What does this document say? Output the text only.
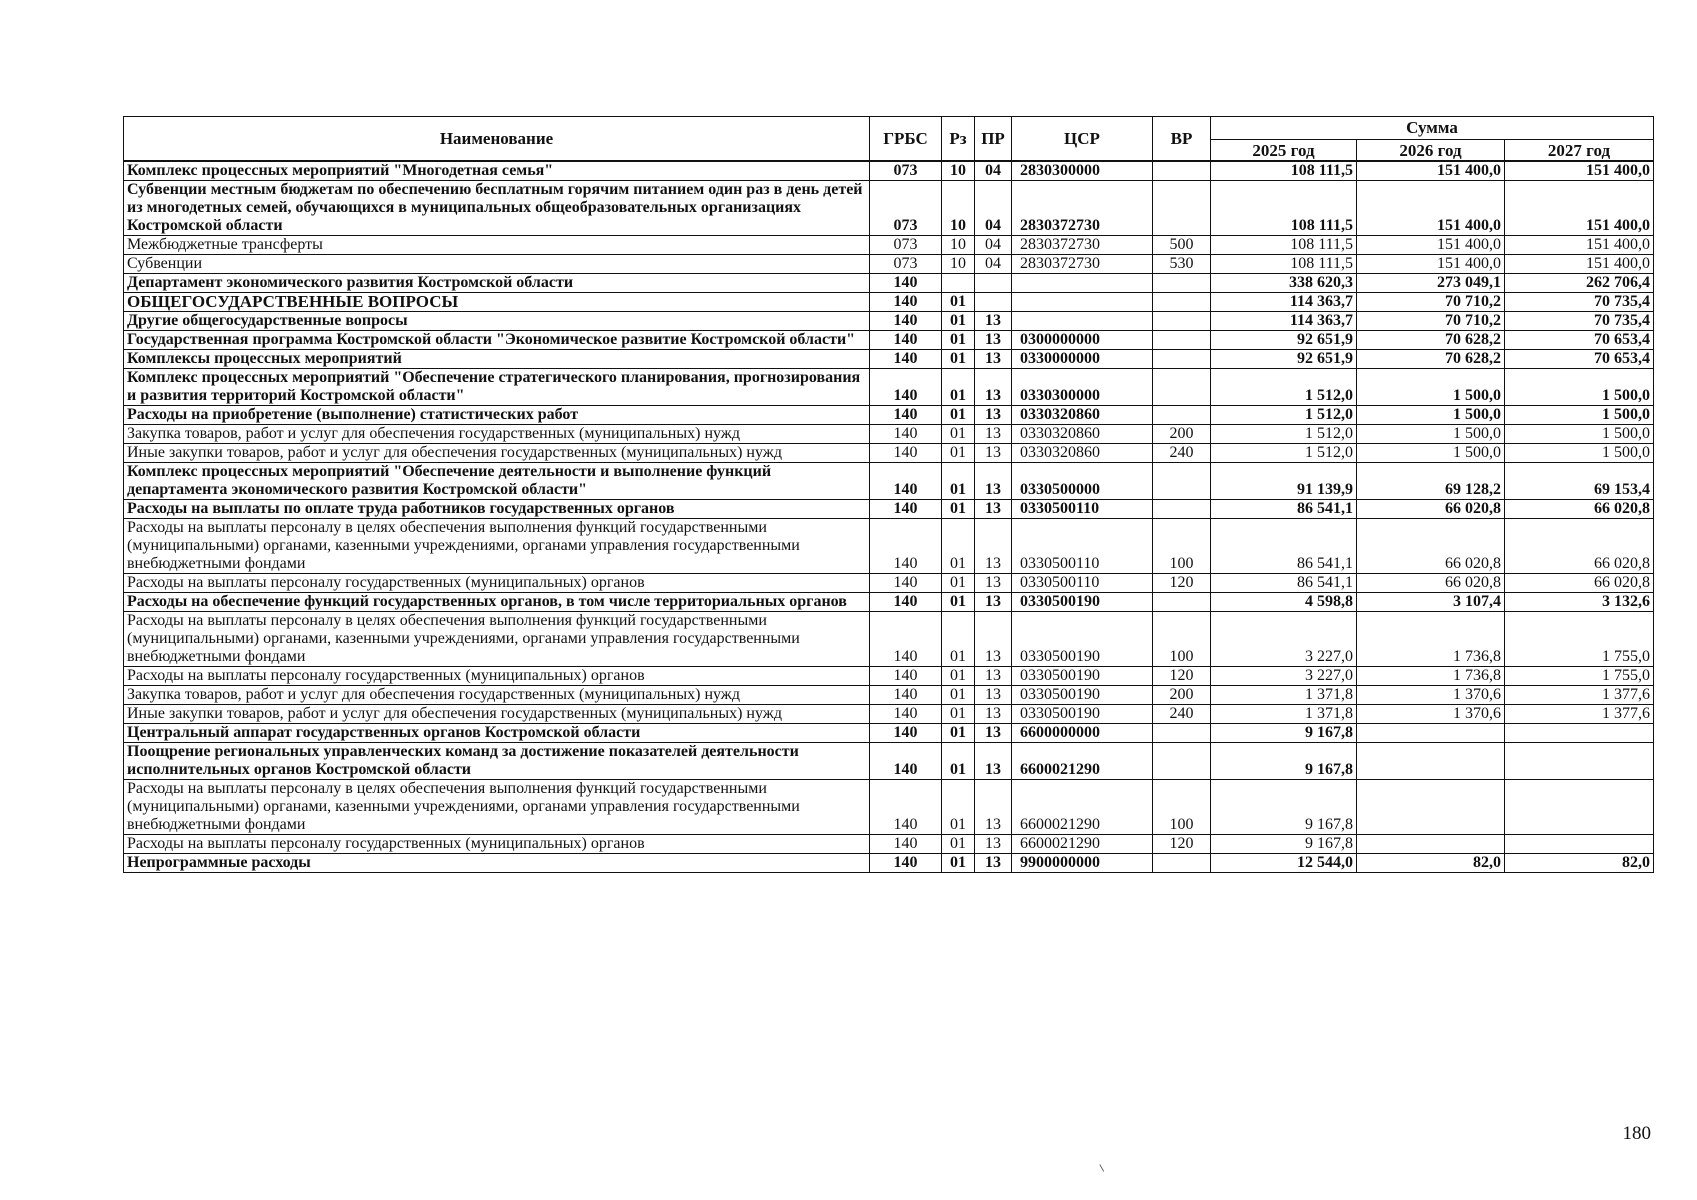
Наименование	ГРБС	Рз	ПР	ЦСР	ВР	Сумма		
						2025 год	2026 год	2027 год
Комплекс процессных мероприятий "Многодетная семья"	073	10	04	2830300000		108 111,5	151 400,0	151 400,0
Субвенции местным бюджетам по обеспечению бесплатным горячим питанием один раз в день детей из многодетных семей, обучающихся в муниципальных общеобразовательных организациях Костромской области	073	10	04	2830372730		108 111,5	151 400,0	151 400,0
Межбюджетные трансферты	073	10	04	2830372730	500	108 111,5	151 400,0	151 400,0
Субвенции	073	10	04	2830372730	530	108 111,5	151 400,0	151 400,0
Департамент экономического развития Костромской области	140					338 620,3	273 049,1	262 706,4
ОБЩЕГОСУДАРСТВЕННЫЕ ВОПРОСЫ	140	01				114 363,7	70 710,2	70 735,4
Другие общегосударственные вопросы	140	01	13			114 363,7	70 710,2	70 735,4
Государственная программа Костромской области "Экономическое развитие Костромской области"	140	01	13	0300000000		92 651,9	70 628,2	70 653,4
Комплексы процессных мероприятий	140	01	13	0330000000		92 651,9	70 628,2	70 653,4
Комплекс процессных мероприятий "Обеспечение стратегического планирования, прогнозирования и развития территорий Костромской области"	140	01	13	0330300000		1 512,0	1 500,0	1 500,0
Расходы на приобретение (выполнение) статистических работ	140	01	13	0330320860		1 512,0	1 500,0	1 500,0
Закупка товаров, работ и услуг для обеспечения государственных (муниципальных) нужд	140	01	13	0330320860	200	1 512,0	1 500,0	1 500,0
Иные закупки товаров, работ и услуг для обеспечения государственных (муниципальных) нужд	140	01	13	0330320860	240	1 512,0	1 500,0	1 500,0
Комплекс процессных мероприятий "Обеспечение деятельности и выполнение функций департамента экономического развития Костромской области"	140	01	13	0330500000		91 139,9	69 128,2	69 153,4
Расходы на выплаты по оплате труда работников государственных органов	140	01	13	0330500110		86 541,1	66 020,8	66 020,8
Расходы на выплаты персоналу в целях обеспечения выполнения функций государственными (муниципальными) органами, казенными учреждениями, органами управления государственными внебюджетными фондами	140	01	13	0330500110	100	86 541,1	66 020,8	66 020,8
Расходы на выплаты персоналу государственных (муниципальных) органов	140	01	13	0330500110	120	86 541,1	66 020,8	66 020,8
Расходы на обеспечение функций государственных органов, в том числе территориальных органов	140	01	13	0330500190		4 598,8	3 107,4	3 132,6
Расходы на выплаты персоналу в целях обеспечения выполнения функций государственными (муниципальными) органами, казенными учреждениями, органами управления государственными внебюджетными фондами	140	01	13	0330500190	100	3 227,0	1 736,8	1 755,0
Расходы на выплаты персоналу государственных (муниципальных) органов	140	01	13	0330500190	120	3 227,0	1 736,8	1 755,0
Закупка товаров, работ и услуг для обеспечения государственных (муниципальных) нужд	140	01	13	0330500190	200	1 371,8	1 370,6	1 377,6
Иные закупки товаров, работ и услуг для обеспечения государственных (муниципальных) нужд	140	01	13	0330500190	240	1 371,8	1 370,6	1 377,6
Центральный аппарат государственных органов Костромской области	140	01	13	6600000000		9 167,8		
Поощрение региональных управленческих команд за достижение показателей деятельности исполнительных органов Костромской области	140	01	13	6600021290		9 167,8		
Расходы на выплаты персоналу в целях обеспечения выполнения функций государственными (муниципальными) органами, казенными учреждениями, органами управления государственными внебюджетными фондами	140	01	13	6600021290	100	9 167,8		
Расходы на выплаты персоналу государственных (муниципальных) органов	140	01	13	6600021290	120	9 167,8		
Непрограммные расходы	140	01	13	9900000000		12 544,0	82,0	82,0
180
